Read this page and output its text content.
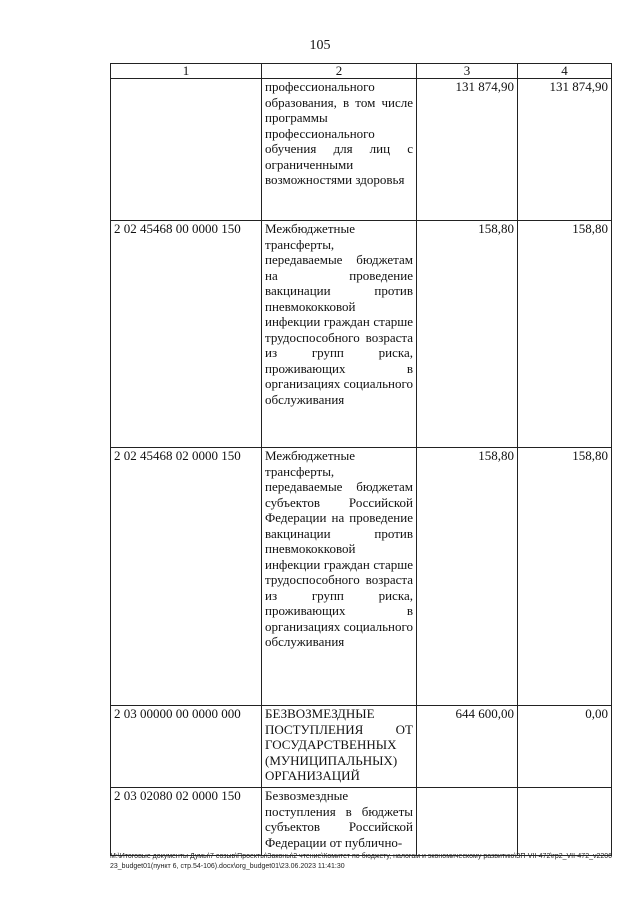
105
1	2	3	4
	профессионального образования, в том числе программы профессионального обучения для лиц с ограниченными возможностями здоровья	131 874,90	131 874,90
2 02 45468 00 0000 150	Межбюджетные трансферты, передаваемые бюджетам на проведение вакцинации против пневмококковой инфекции граждан старше трудоспособного возраста из групп риска, проживающих в организациях социального обслуживания	158,80	158,80
2 02 45468 02 0000 150	Межбюджетные трансферты, передаваемые бюджетам субъектов Российской Федерации на проведение вакцинации против пневмококковой инфекции граждан старше трудоспособного возраста из групп риска, проживающих в организациях социального обслуживания	158,80	158,80
2 03 00000 00 0000 000	БЕЗВОЗМЕЗДНЫЕ ПОСТУПЛЕНИЯ ОТ ГОСУДАРСТВЕННЫХ (МУНИЦИПАЛЬНЫХ) ОРГАНИЗАЦИЙ	644 600,00	0,00
2 03 02080 02 0000 150	Безвозмездные поступления в бюджеты субъектов Российской Федерации от публично-		
M:\Итоговые документы Думы\7 созыв\Проекты\Законы\2 чтение\Комитет по бюджету, налогам и экономическому развитию\ЗП-VII-472\гр2_VII-472_v220623_budget01(пункт 6, стр.54-106).docx\org_budget01\23.06.2023 11:41:30
